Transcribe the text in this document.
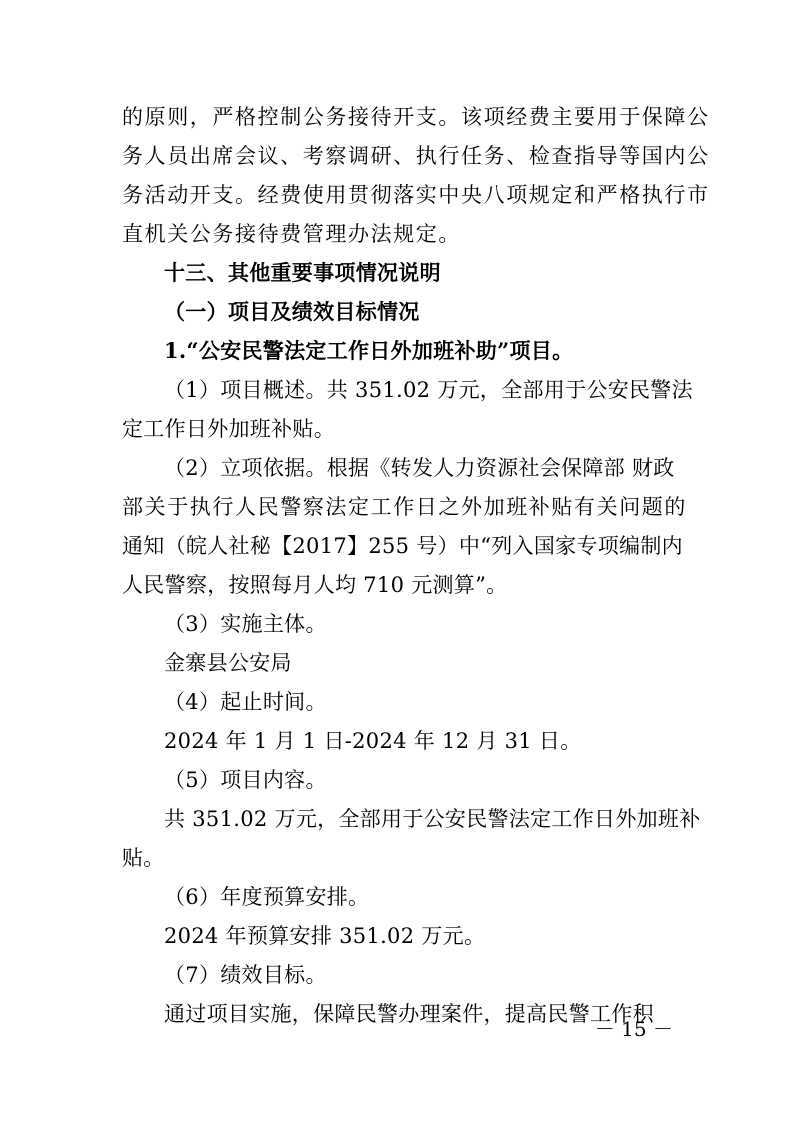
的原则，严格控制公务接待开支。该项经费主要用于保障公
务人员出席会议、考察调研、执行任务、检查指导等国内公
务活动开支。经费使用贯彻落实中央八项规定和严格执行市
直机关公务接待费管理办法规定。
十三、其他重要事项情况说明
（一）项目及绩效目标情况
1.“公安民警法定工作日外加班补助”项目。
（1）项目概述。共 351.02 万元，全部用于公安民警法
定工作日外加班补贴。
（2）立项依据。根据《转发人力资源社会保障部 财政
部关于执行人民警察法定工作日之外加班补贴有关问题的
通知（皖人社秘【2017】255 号）中“列入国家专项编制内
人民警察，按照每月人均 710 元测算”。
（3）实施主体。
金寨县公安局
（4）起止时间。
2024 年 1 月 1 日-2024 年 12 月 31 日。
（5）项目内容。
共 351.02 万元，全部用于公安民警法定工作日外加班补
贴。
（6）年度预算安排。
2024 年预算安排 351.02 万元。
（7）绩效目标。
通过项目实施，保障民警办理案件，提高民警工作积
－ 15 －
